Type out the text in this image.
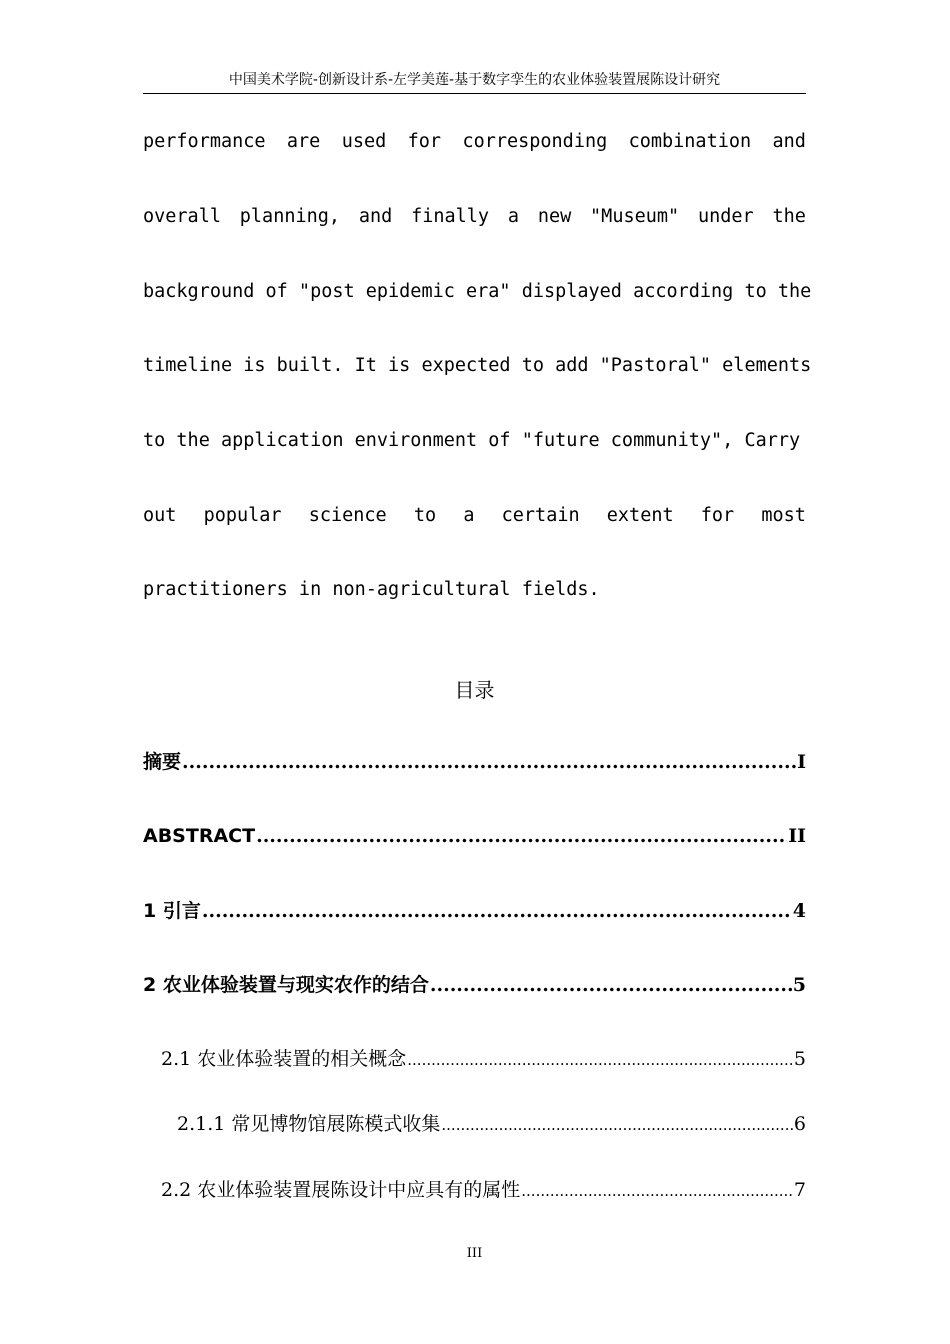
中国美术学院-创新设计系-左学美莲-基于数字孪生的农业体验装置展陈设计研究
performance are used for corresponding combination and
overall planning, and finally a new "Museum" under the
background of "post epidemic era" displayed according to the
timeline is built. It is expected to add "Pastoral" elements
to the application environment of "future community", Carry
out popular science to a certain extent for most
practitioners in non-agricultural fields.
目录
摘要 .....	I
ABSTRACT .....	II
1 引言 .....	4
2 农业体验装置与现实农作的结合 .....	5
2.1 农业体验装置的相关概念 .....	5
2.1.1 常见博物馆展陈模式收集 .....	6
2.2 农业体验装置展陈设计中应具有的属性 .....	7
III
